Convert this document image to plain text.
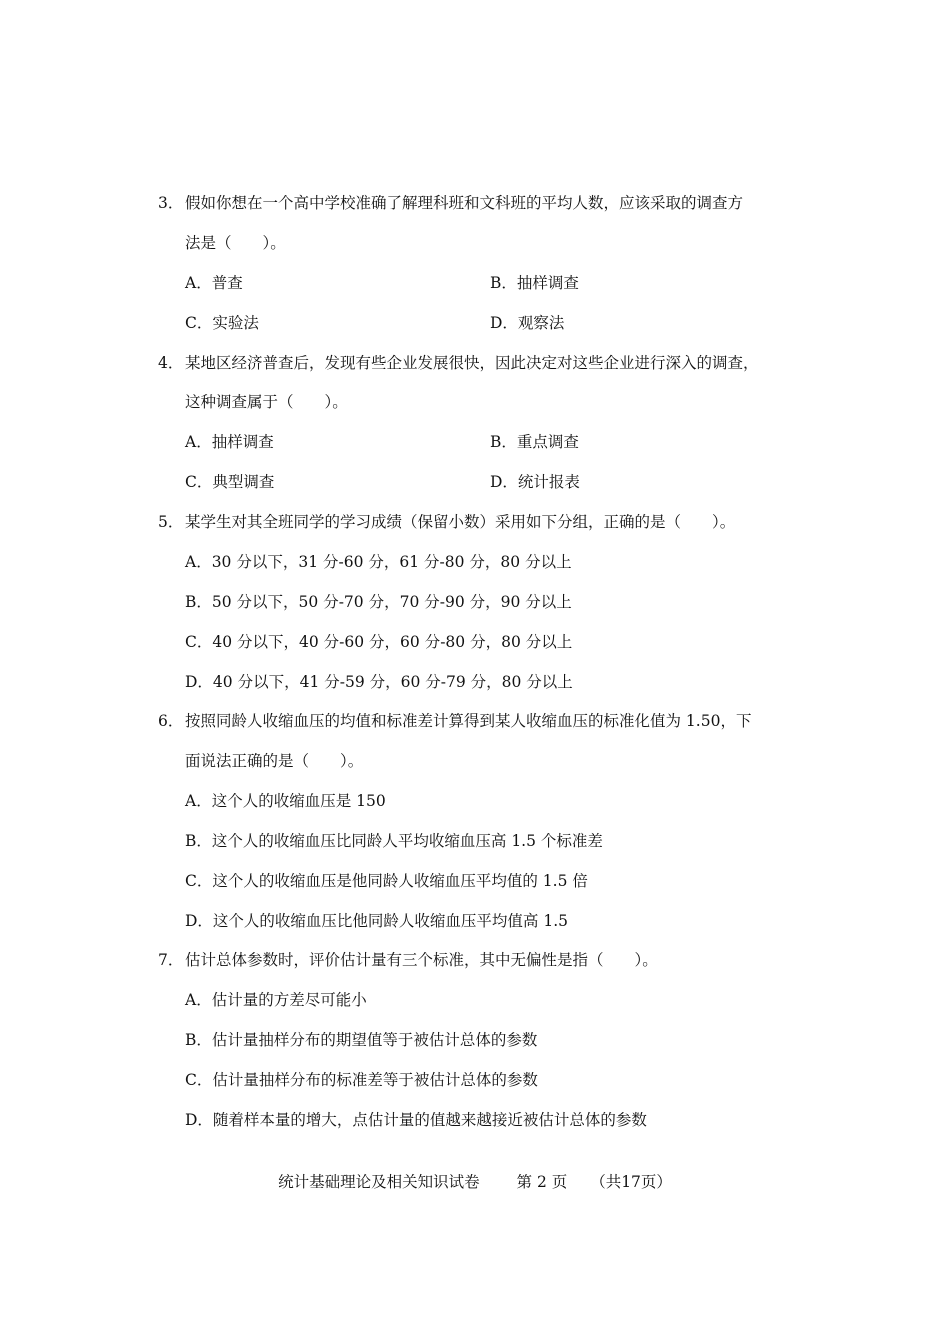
3． 假如你想在一个高中学校准确了解理科班和文科班的平均人数，应该采取的调查方
法是（　　）。
A．普查	B．抽样调查
C．实验法	D．观察法
4． 某地区经济普查后，发现有些企业发展很快，因此决定对这些企业进行深入的调查，
这种调查属于（　　）。
A．抽样调查	B．重点调查
C．典型调查	D．统计报表
5． 某学生对其全班同学的学习成绩（保留小数）采用如下分组，正确的是（　　）。
A．30 分以下，31 分-60 分，61 分-80 分，80 分以上
B．50 分以下，50 分-70 分，70 分-90 分，90 分以上
C．40 分以下，40 分-60 分，60 分-80 分，80 分以上
D．40 分以下，41 分-59 分，60 分-79 分，80 分以上
6． 按照同龄人收缩血压的均值和标准差计算得到某人收缩血压的标准化值为 1.50，下
面说法正确的是（　　）。
A．这个人的收缩血压是 150
B．这个人的收缩血压比同龄人平均收缩血压高 1.5 个标准差
C．这个人的收缩血压是他同龄人收缩血压平均值的 1.5 倍
D．这个人的收缩血压比他同龄人收缩血压平均值高 1.5
7． 估计总体参数时，评价估计量有三个标准，其中无偏性是指（　　）。
A．估计量的方差尽可能小
B．估计量抽样分布的期望值等于被估计总体的参数
C．估计量抽样分布的标准差等于被估计总体的参数
D．随着样本量的增大，点估计量的值越来越接近被估计总体的参数
统计基础理论及相关知识试卷 第 2 页 （共17页）
